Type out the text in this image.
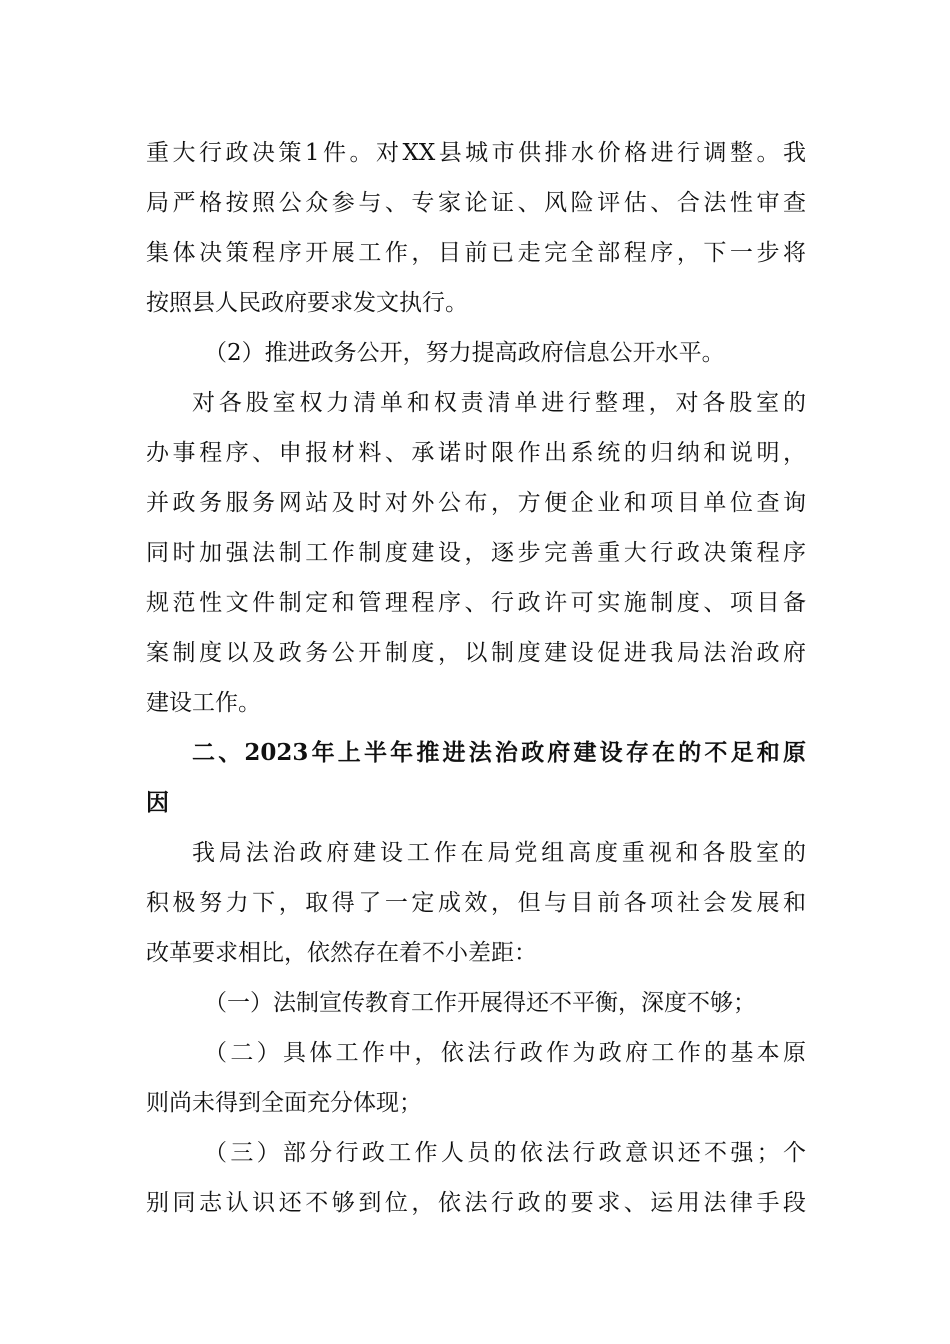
重大行政决策1件。对XX县城市供排水价格进行调整。我
局严格按照公众参与、专家论证、风险评估、合法性审查
集体决策程序开展工作，目前已走完全部程序，下一步将
按照县人民政府要求发文执行。
（2）推进政务公开，努力提高政府信息公开水平。
对各股室权力清单和权责清单进行整理，对各股室的
办事程序、申报材料、承诺时限作出系统的归纳和说明，
并政务服务网站及时对外公布，方便企业和项目单位查询
同时加强法制工作制度建设，逐步完善重大行政决策程序
规范性文件制定和管理程序、行政许可实施制度、项目备
案制度以及政务公开制度，以制度建设促进我局法治政府
建设工作。
二、2023年上半年推进法治政府建设存在的不足和原
因
我局法治政府建设工作在局党组高度重视和各股室的
积极努力下，取得了一定成效，但与目前各项社会发展和
改革要求相比，依然存在着不小差距：
（一）法制宣传教育工作开展得还不平衡，深度不够；
（二）具体工作中，依法行政作为政府工作的基本原
则尚未得到全面充分体现；
（三）部分行政工作人员的依法行政意识还不强；个
别同志认识还不够到位，依法行政的要求、运用法律手段
